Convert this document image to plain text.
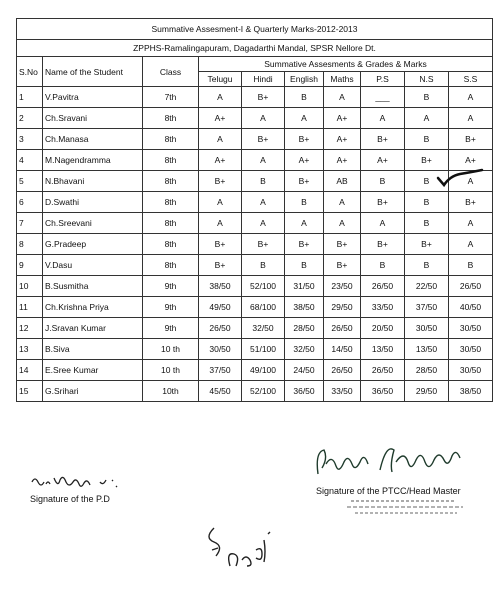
Summative Assesment-I & Quarterly Marks-2012-2013									
ZPPHS-Ramalingapuram, Dagadarthi Mandal, SPSR Nellore Dt.									
S.No	Name of the Student	Class	Summative Assesments & Grades & Marks						
			Telugu	Hindi	English	Maths	P.S	N.S	S.S
1	V.Pavitra	7th	A	B+	B	A	___	B	A
2	Ch.Sravani	8th	A+	A	A	A+	A	A	A
3	Ch.Manasa	8th	A	B+	B+	A+	B+	B	B+
4	M.Nagendramma	8th	A+	A	A+	A+	A+	B+	A+
5	N.Bhavani	8th	B+	B	B+	AB	B	B	A
6	D.Swathi	8th	A	A	B	A	B+	B	B+
7	Ch.Sreevani	8th	A	A	A	A	A	B	A
8	G.Pradeep	8th	B+	B+	B+	B+	B+	B+	A
9	V.Dasu	8th	B+	B	B	B+	B	B	B
10	B.Susmitha	9th	38/50	52/100	31/50	23/50	26/50	22/50	26/50
11	Ch.Krishna Priya	9th	49/50	68/100	38/50	29/50	33/50	37/50	40/50
12	J.Sravan Kumar	9th	26/50	32/50	28/50	26/50	20/50	30/50	30/50
13	B.Siva	10 th	30/50	51/100	32/50	14/50	13/50	13/50	30/50
14	E.Sree Kumar	10 th	37/50	49/100	24/50	26/50	26/50	28/50	30/50
15	G.Srihari	10th	45/50	52/100	36/50	33/50	36/50	29/50	38/50
Signature of the P.D
Signature of the PTCC/Head Master
